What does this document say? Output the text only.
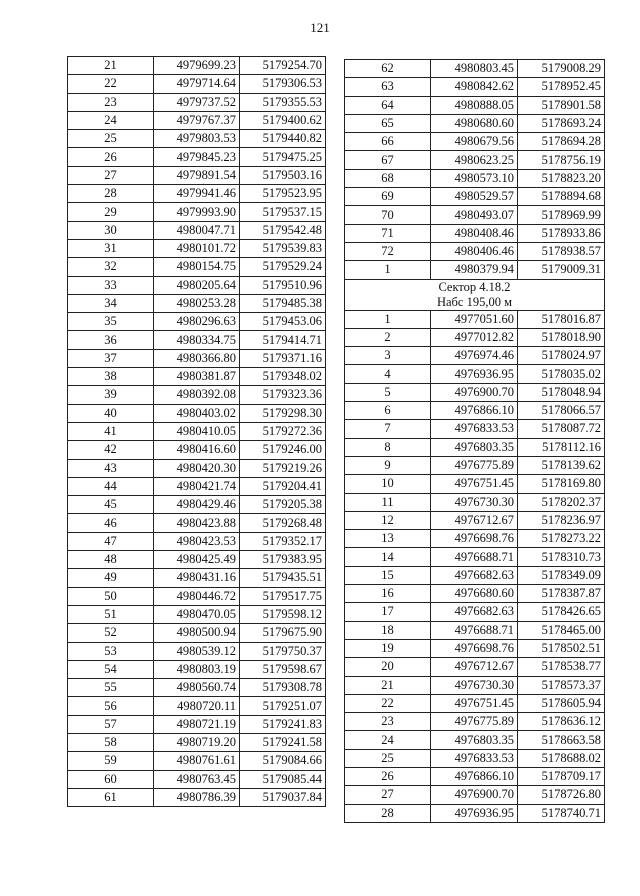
121
21	4979699.23	5179254.70
22	4979714.64	5179306.53
23	4979737.52	5179355.53
24	4979767.37	5179400.62
25	4979803.53	5179440.82
26	4979845.23	5179475.25
27	4979891.54	5179503.16
28	4979941.46	5179523.95
29	4979993.90	5179537.15
30	4980047.71	5179542.48
31	4980101.72	5179539.83
32	4980154.75	5179529.24
33	4980205.64	5179510.96
34	4980253.28	5179485.38
35	4980296.63	5179453.06
36	4980334.75	5179414.71
37	4980366.80	5179371.16
38	4980381.87	5179348.02
39	4980392.08	5179323.36
40	4980403.02	5179298.30
41	4980410.05	5179272.36
42	4980416.60	5179246.00
43	4980420.30	5179219.26
44	4980421.74	5179204.41
45	4980429.46	5179205.38
46	4980423.88	5179268.48
47	4980423.53	5179352.17
48	4980425.49	5179383.95
49	4980431.16	5179435.51
50	4980446.72	5179517.75
51	4980470.05	5179598.12
52	4980500.94	5179675.90
53	4980539.12	5179750.37
54	4980803.19	5179598.67
55	4980560.74	5179308.78
56	4980720.11	5179251.07
57	4980721.19	5179241.83
58	4980719.20	5179241.58
59	4980761.61	5179084.66
60	4980763.45	5179085.44
61	4980786.39	5179037.84
62	4980803.45	5179008.29
63	4980842.62	5178952.45
64	4980888.05	5178901.58
65	4980680.60	5178693.24
66	4980679.56	5178694.28
67	4980623.25	5178756.19
68	4980573.10	5178823.20
69	4980529.57	5178894.68
70	4980493.07	5178969.99
71	4980408.46	5178933.86
72	4980406.46	5178938.57
1	4980379.94	5179009.31
Сектор 4.18.2
Набс 195,00 м		
1	4977051.60	5178016.87
2	4977012.82	5178018.90
3	4976974.46	5178024.97
4	4976936.95	5178035.02
5	4976900.70	5178048.94
6	4976866.10	5178066.57
7	4976833.53	5178087.72
8	4976803.35	5178112.16
9	4976775.89	5178139.62
10	4976751.45	5178169.80
11	4976730.30	5178202.37
12	4976712.67	5178236.97
13	4976698.76	5178273.22
14	4976688.71	5178310.73
15	4976682.63	5178349.09
16	4976680.60	5178387.87
17	4976682.63	5178426.65
18	4976688.71	5178465.00
19	4976698.76	5178502.51
20	4976712.67	5178538.77
21	4976730.30	5178573.37
22	4976751.45	5178605.94
23	4976775.89	5178636.12
24	4976803.35	5178663.58
25	4976833.53	5178688.02
26	4976866.10	5178709.17
27	4976900.70	5178726.80
28	4976936.95	5178740.71
